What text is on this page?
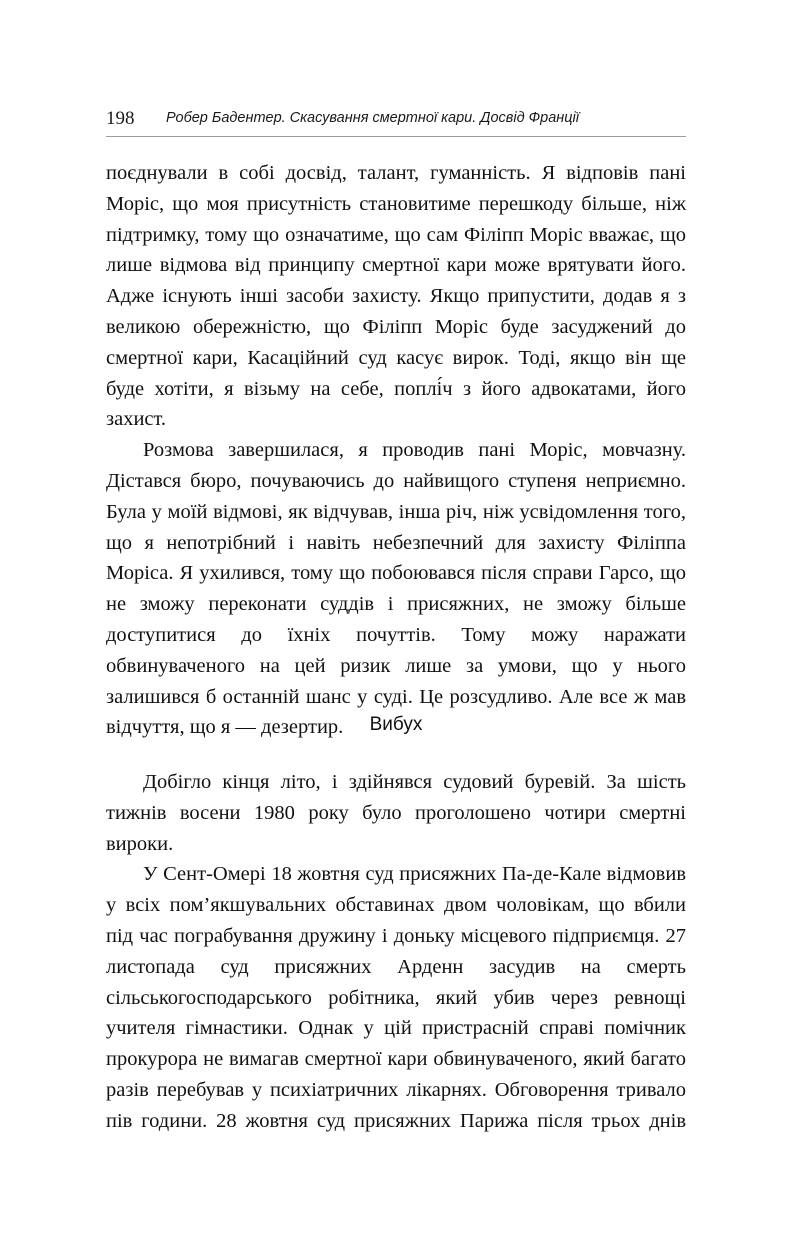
198 Робер Бадентер. Скасування смертної кари. Досвід Франції

поєднували в собі досвід, талант, гуманність. Я відповів пані Моріс, що моя присутність становитиме перешкоду більше, ніж підтримку, тому що означатиме, що сам Філіпп Моріс вважає, що лише відмова від принципу смертної кари може врятувати його. Адже існують інші засоби захисту. Якщо припустити, додав я з великою обережністю, що Філіпп Моріс буде засуджений до смертної кари, Касаційний суд касує вирок. Тоді, якщо він ще буде хотіти, я візьму на себе, поплі́ч з його адвокатами, його захист.

Розмова завершилася, я проводив пані Моріс, мовчазну. Дістався бюро, почуваючись до найвищого ступеня неприємно. Була у моїй відмові, як відчував, інша річ, ніж усвідомлення того, що я непотрібний і навіть небезпечний для захисту Філіппа Моріса. Я ухилився, тому що побоювався після справи Гарсо, що не зможу переконати суддів і присяжних, не зможу більше доступитися до їхніх почуттів. Тому можу наражати обвинуваченого на цей ризик лише за умови, що у нього залишився б останній шанс у суді. Це розсудливо. Але все ж мав відчуття, що я — дезертир.	Вибух

Добігло кінця літо, і здійнявся судовий буревій. За шість тижнів восени 1980 року було проголошено чотири смертні вироки.

У Сент-Омері 18 жовтня суд присяжних Па-де-Кале відмовив у всіх пом’якшувальних обставинах двом чоловікам, що вбили під час пограбування дружину і доньку місцевого підприємця. 27 листопада суд присяжних Арденн засудив на смерть сільськогосподарського робітника, який убив через ревнощі учителя гімнастики. Однак у цій пристрасній справі помічник прокурора не вимагав смертної кари обвинуваченого, який багато разів перебував у психіатричних лікарнях. Обговорення тривало пів години. 28 жовтня суд присяжних Парижа після трьох днів
